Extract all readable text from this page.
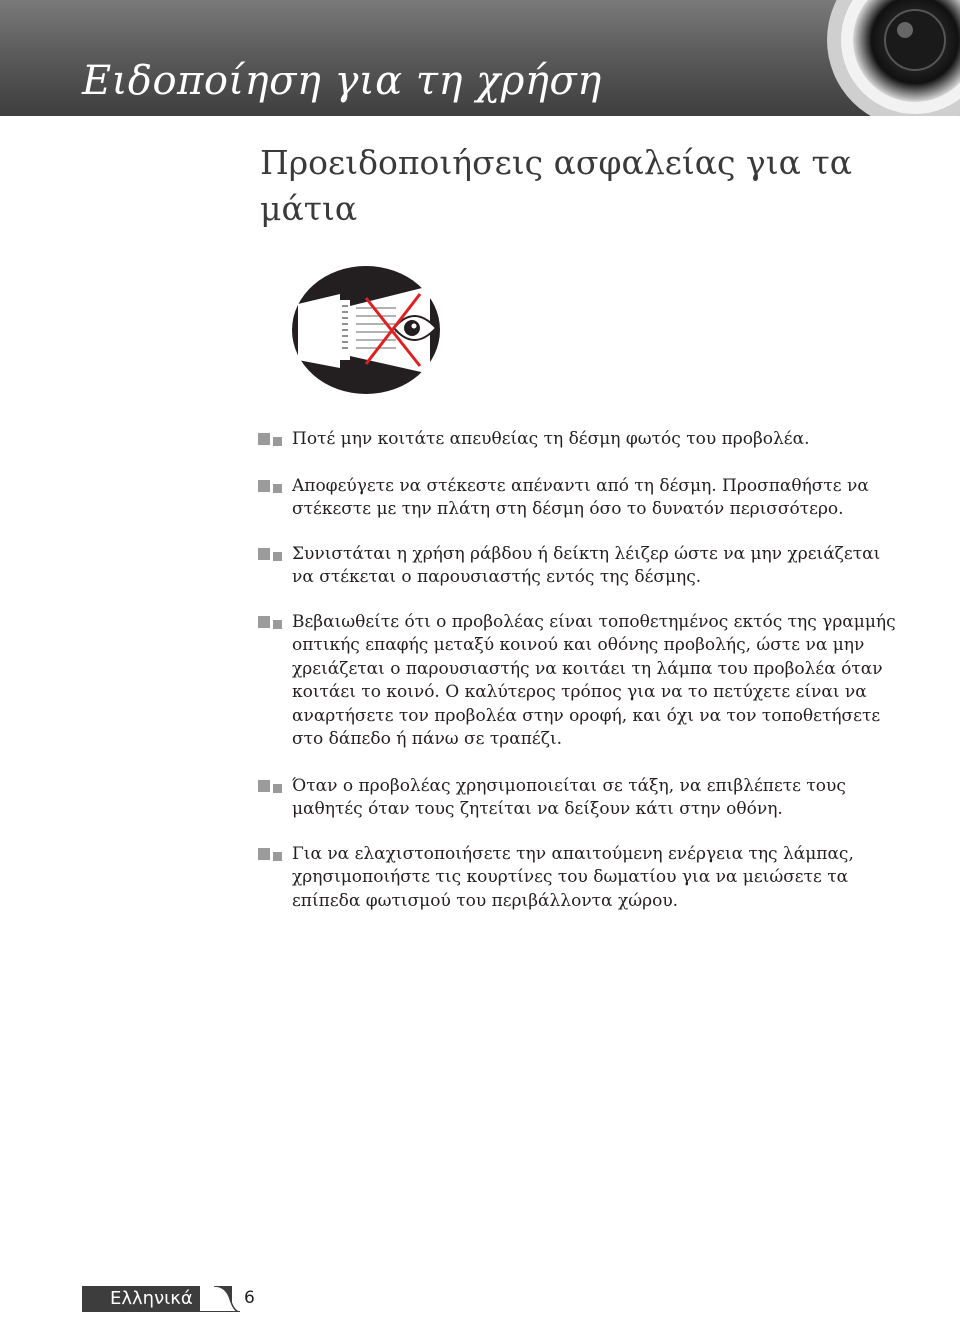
Ειδοποίηση για τη χρήση
Προειδοποιήσεις ασφαλείας για τα μάτια
Ποτέ μην κοιτάτε απευθείας τη δέσμη φωτός του προβολέα.
Αποφεύγετε να στέκεστε απέναντι από τη δέσμη. Προσπαθήστε να στέκεστε με την πλάτη στη δέσμη όσο το δυνατόν περισσότερο.
Συνιστάται η χρήση ράβδου ή δείκτη λέιζερ ώστε να μην χρειάζεται να στέκεται ο παρουσιαστής εντός της δέσμης.
Βεβαιωθείτε ότι ο προβολέας είναι τοποθετημένος εκτός της γραμμής οπτικής επαφής μεταξύ κοινού και οθόνης προβολής, ώστε να μην χρειάζεται ο παρουσιαστής να κοιτάει τη λάμπα του προβολέα όταν κοιτάει το κοινό. Ο καλύτερος τρόπος για να το πετύχετε είναι να αναρτήσετε τον προβολέα στην οροφή, και όχι να τον τοποθετήσετε στο δάπεδο ή πάνω σε τραπέζι.
Όταν ο προβολέας χρησιμοποιείται σε τάξη, να επιβλέπετε τους μαθητές όταν τους ζητείται να δείξουν κάτι στην οθόνη.
Για να ελαχιστοποιήσετε την απαιτούμενη ενέργεια της λάμπας, χρησιμοποιήστε τις κουρτίνες του δωματίου για να μειώσετε τα επίπεδα φωτισμού του περιβάλλοντα χώρου.
Ελληνικά	6
